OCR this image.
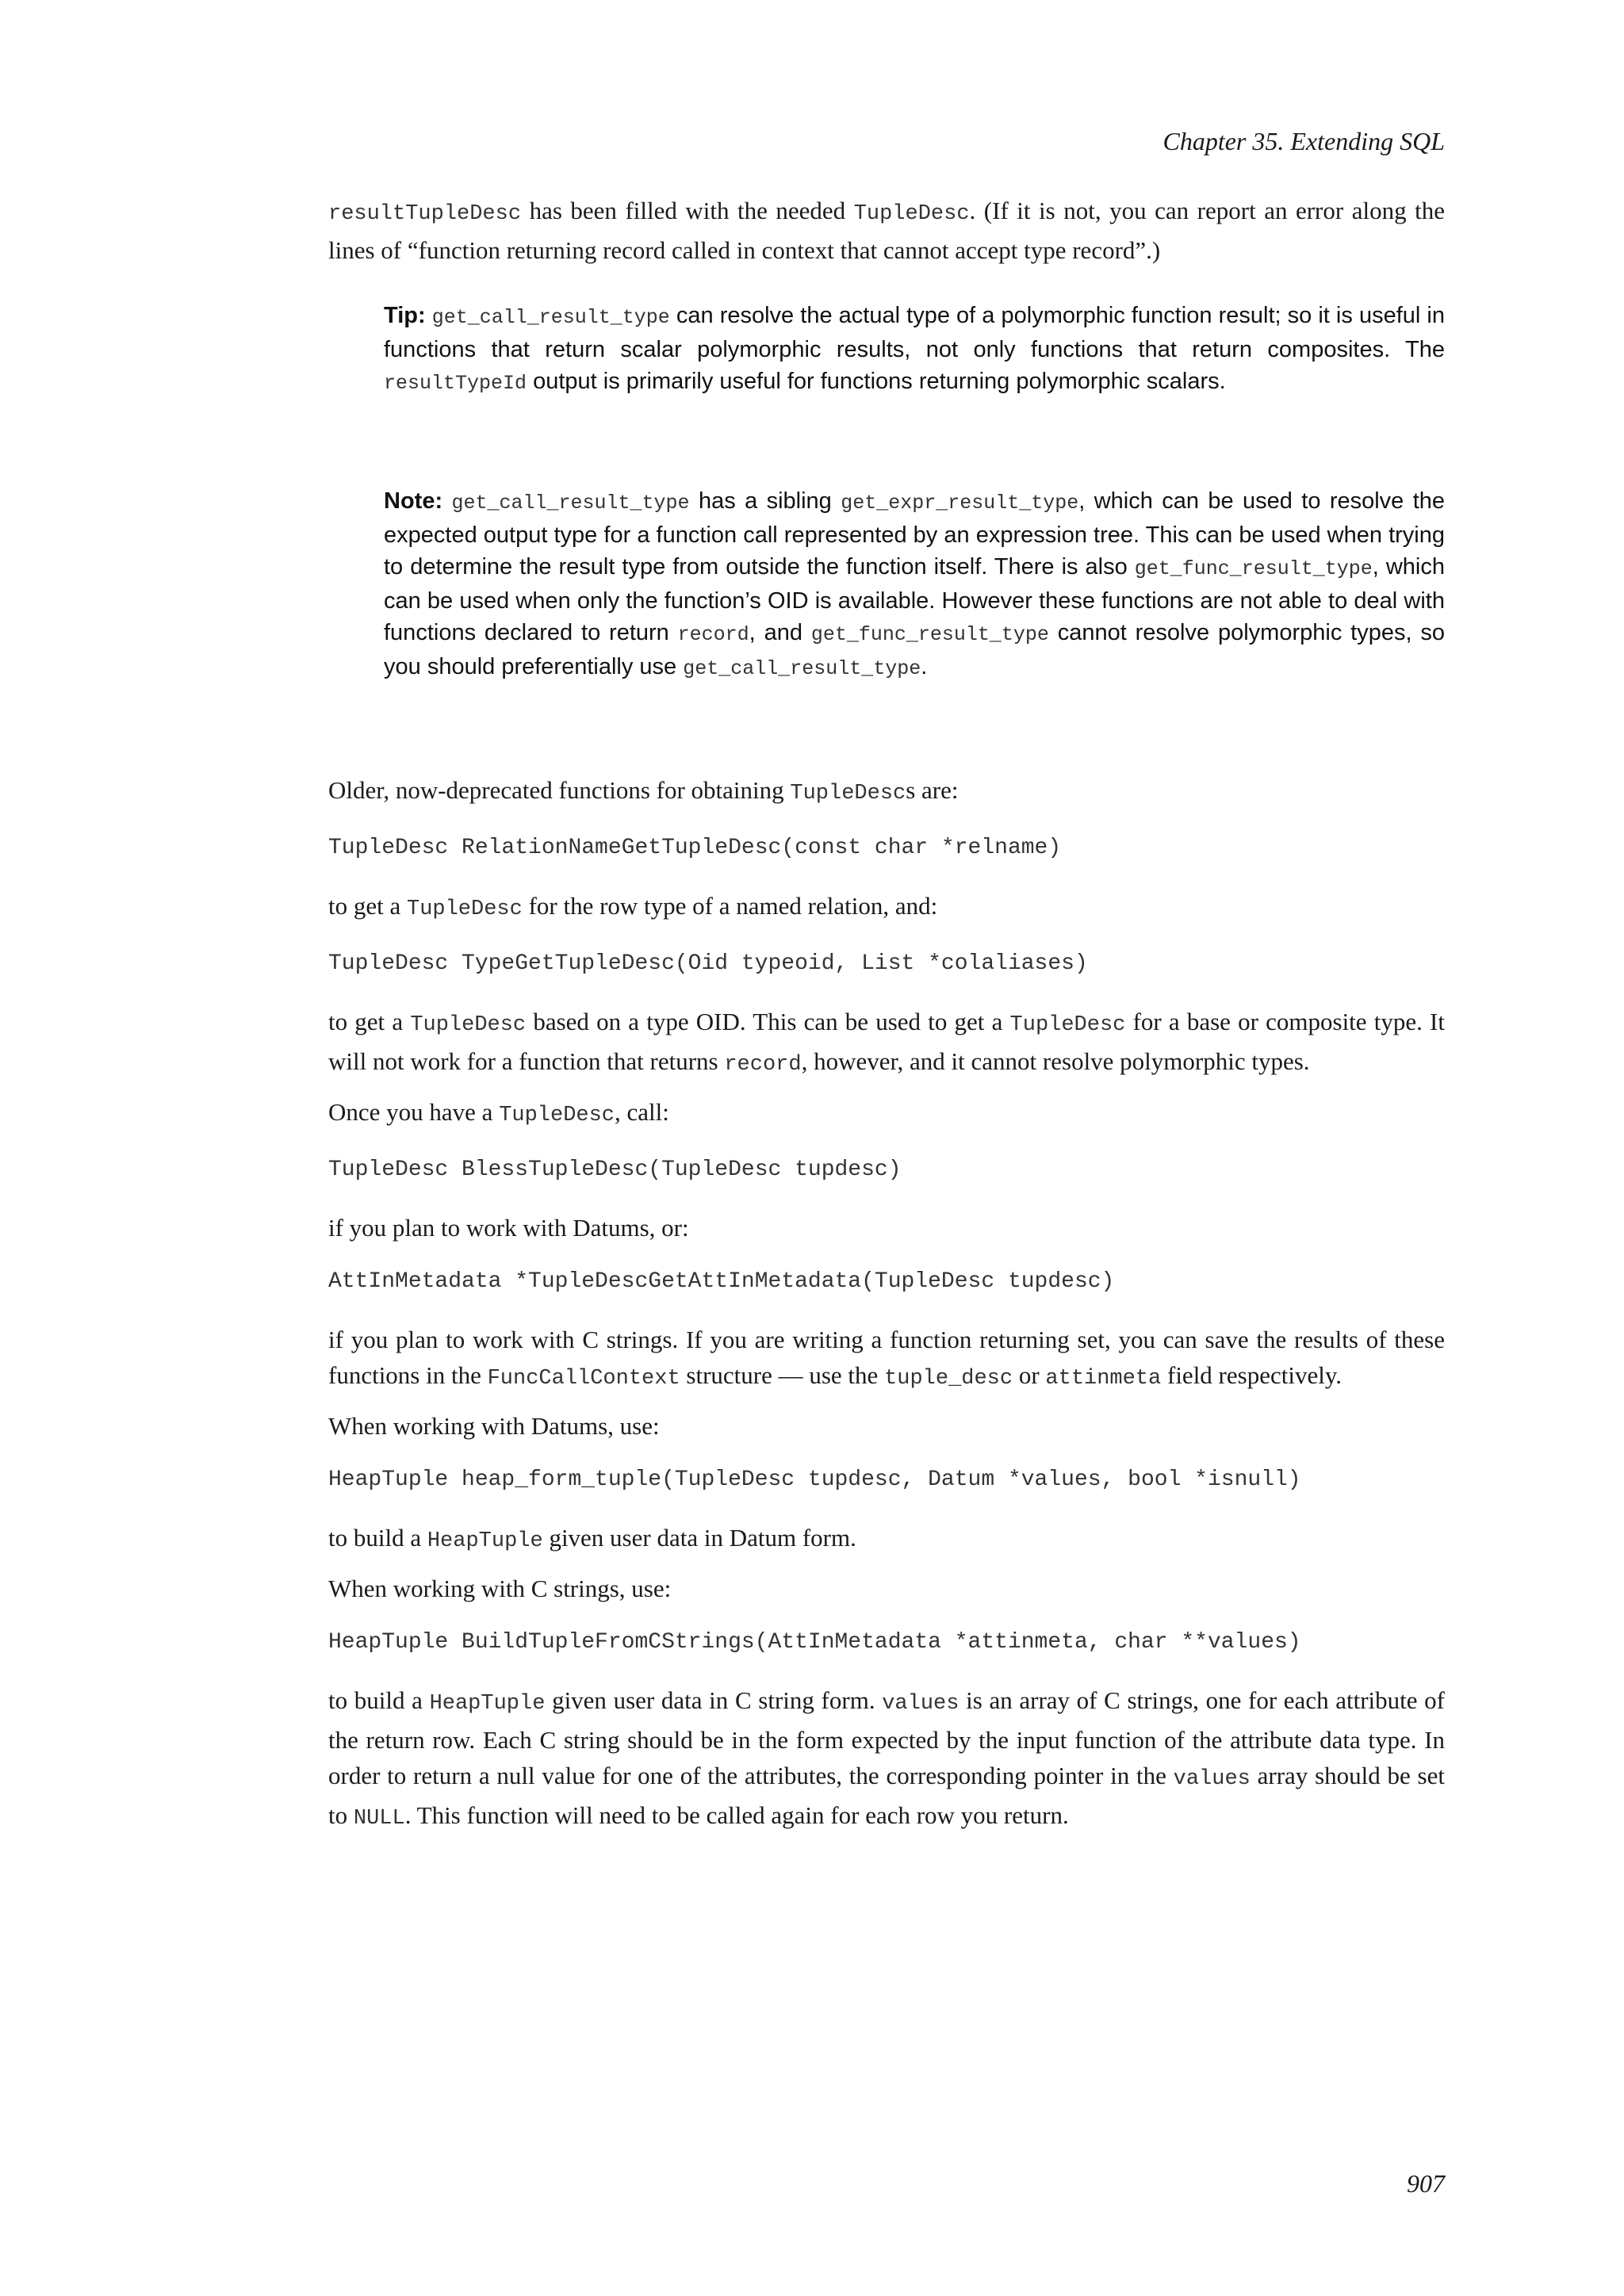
Chapter 35. Extending SQL

resultTupleDesc has been filled with the needed TupleDesc. (If it is not, you can report an error along the lines of “function returning record called in context that cannot accept type record”.)

Tip: get_call_result_type can resolve the actual type of a polymorphic function result; so it is useful in functions that return scalar polymorphic results, not only functions that return composites. The resultTypeId output is primarily useful for functions returning polymorphic scalars.
Note: get_call_result_type has a sibling get_expr_result_type, which can be used to resolve the expected output type for a function call represented by an expression tree. This can be used when trying to determine the result type from outside the function itself. There is also get_func_result_type, which can be used when only the function’s OID is available. However these functions are not able to deal with functions declared to return record, and get_func_result_type cannot resolve polymorphic types, so you should preferentially use get_call_result_type.

Older, now-deprecated functions for obtaining TupleDescs are:

TupleDesc RelationNameGetTupleDesc(const char *relname)

to get a TupleDesc for the row type of a named relation, and:

TupleDesc TypeGetTupleDesc(Oid typeoid, List *colaliases)

to get a TupleDesc based on a type OID. This can be used to get a TupleDesc for a base or composite type. It will not work for a function that returns record, however, and it cannot resolve polymorphic types.

Once you have a TupleDesc, call:

TupleDesc BlessTupleDesc(TupleDesc tupdesc)

if you plan to work with Datums, or:

AttInMetadata *TupleDescGetAttInMetadata(TupleDesc tupdesc)

if you plan to work with C strings. If you are writing a function returning set, you can save the results of these functions in the FuncCallContext structure — use the tuple_desc or attinmeta field respectively.

When working with Datums, use:

HeapTuple heap_form_tuple(TupleDesc tupdesc, Datum *values, bool *isnull)

to build a HeapTuple given user data in Datum form.

When working with C strings, use:

HeapTuple BuildTupleFromCStrings(AttInMetadata *attinmeta, char **values)

to build a HeapTuple given user data in C string form. values is an array of C strings, one for each attribute of the return row. Each C string should be in the form expected by the input function of the attribute data type. In order to return a null value for one of the attributes, the corresponding pointer in the values array should be set to NULL. This function will need to be called again for each row you return.

907
